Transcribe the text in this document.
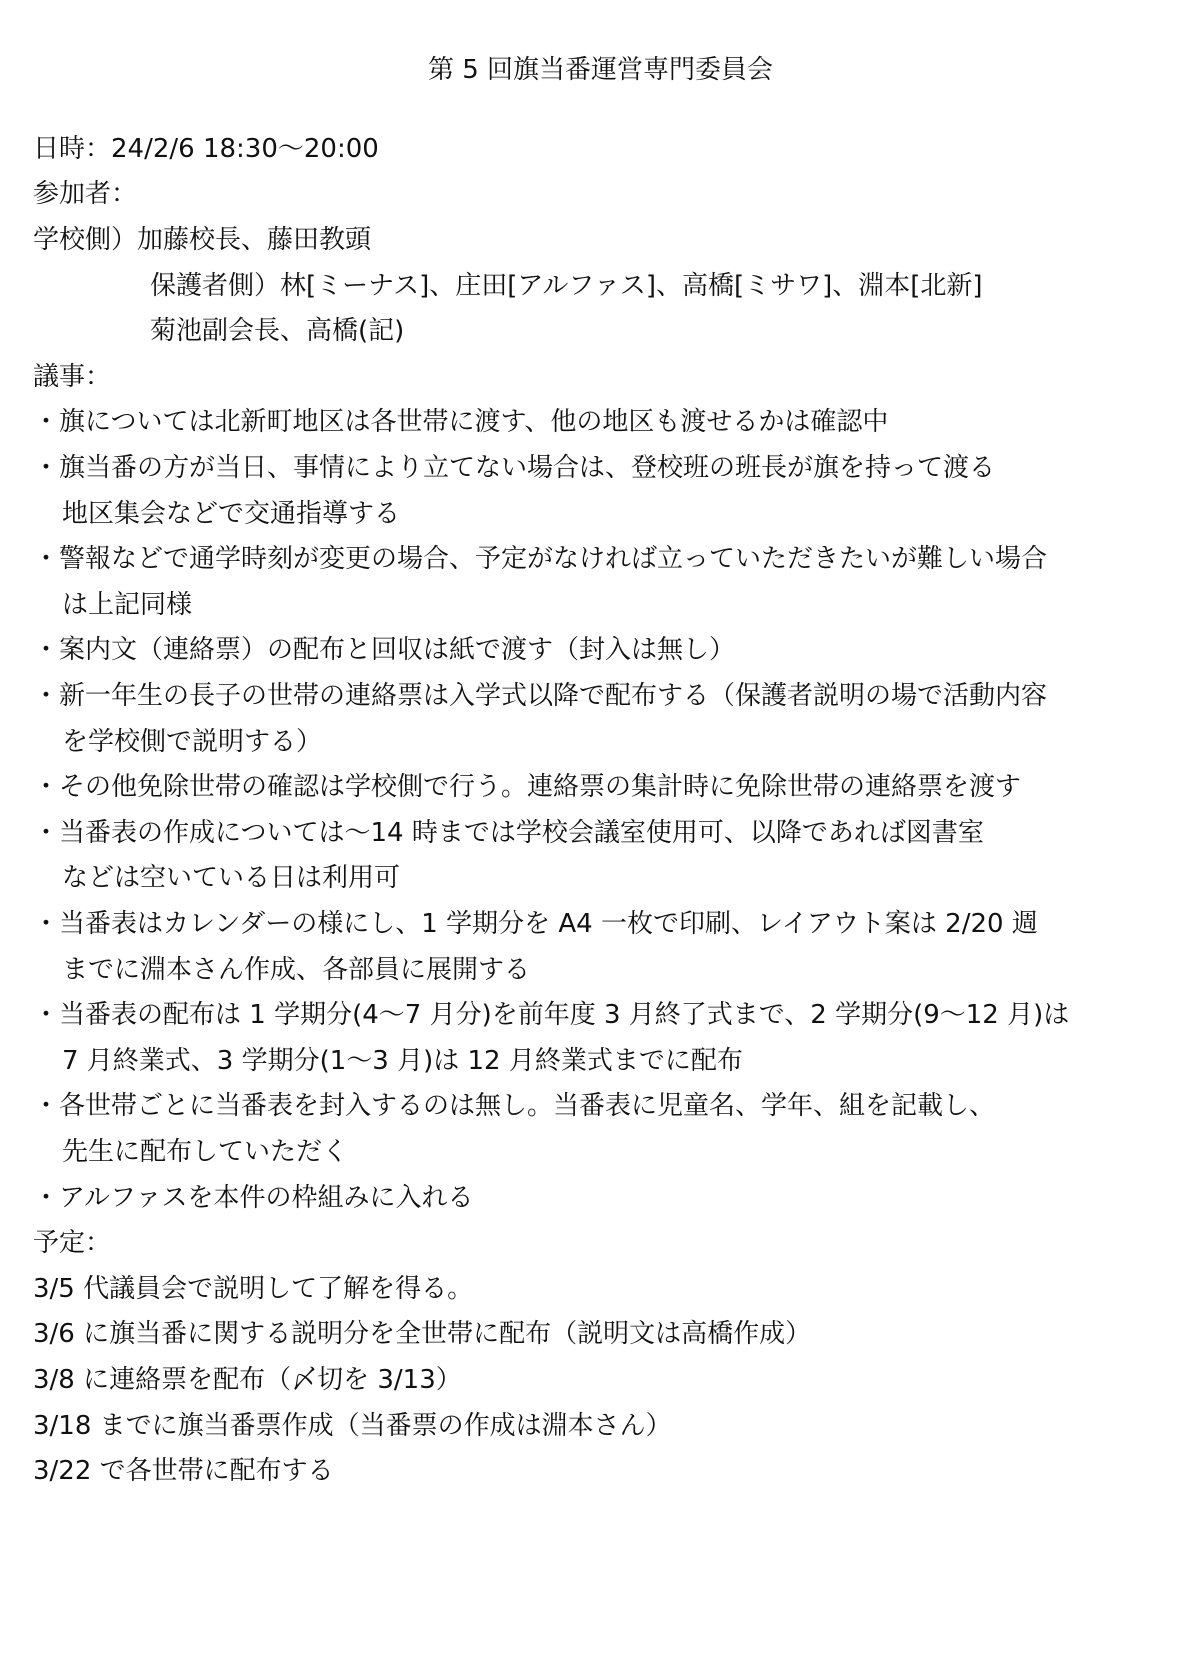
第 5 回旗当番運営専門委員会
日時：24/2/6 18:30～20:00
参加者：
学校側）加藤校長、藤田教頭
保護者側）林[ミーナス]、庄田[アルファス]、高橋[ミサワ]、淵本[北新]
菊池副会長、高橋(記)
議事：
・旗については北新町地区は各世帯に渡す、他の地区も渡せるかは確認中
・旗当番の方が当日、事情により立てない場合は、登校班の班長が旗を持って渡る
地区集会などで交通指導する
・警報などで通学時刻が変更の場合、予定がなければ立っていただきたいが難しい場合
は上記同様
・案内文（連絡票）の配布と回収は紙で渡す（封入は無し）
・新一年生の長子の世帯の連絡票は入学式以降で配布する（保護者説明の場で活動内容
を学校側で説明する）
・その他免除世帯の確認は学校側で行う。連絡票の集計時に免除世帯の連絡票を渡す
・当番表の作成については～14 時までは学校会議室使用可、以降であれば図書室
などは空いている日は利用可
・当番表はカレンダーの様にし、1 学期分を A4 一枚で印刷、レイアウト案は 2/20 週
までに淵本さん作成、各部員に展開する
・当番表の配布は 1 学期分(4～7 月分)を前年度 3 月終了式まで、2 学期分(9～12 月)は
7 月終業式、3 学期分(1～3 月)は 12 月終業式までに配布
・各世帯ごとに当番表を封入するのは無し。当番表に児童名、学年、組を記載し、
先生に配布していただく
・アルファスを本件の枠組みに入れる
予定：
3/5 代議員会で説明して了解を得る。
3/6 に旗当番に関する説明分を全世帯に配布（説明文は高橋作成）
3/8 に連絡票を配布（〆切を 3/13）
3/18 までに旗当番票作成（当番票の作成は淵本さん）
3/22 で各世帯に配布する
